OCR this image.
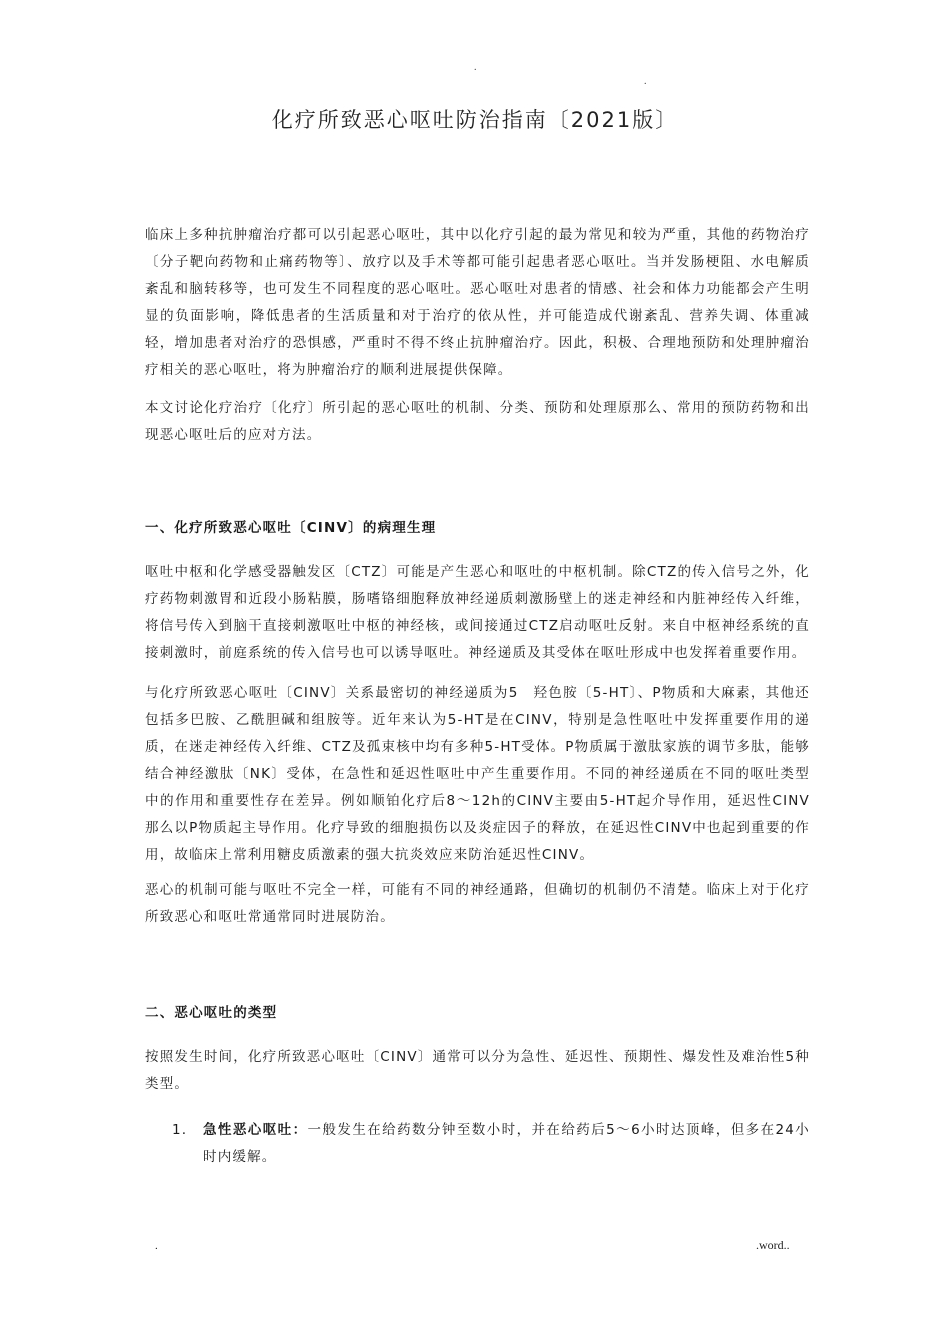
.
.
化疗所致恶心呕吐防治指南〔2021版〕

临床上多种抗肿瘤治疗都可以引起恶心呕吐，其中以化疗引起的最为常见和较为严重，其他的药物治疗〔分子靶向药物和止痛药物等〕、放疗以及手术等都可能引起患者恶心呕吐。当并发肠梗阻、水电解质紊乱和脑转移等，也可发生不同程度的恶心呕吐。恶心呕吐对患者的情感、社会和体力功能都会产生明显的负面影响，降低患者的生活质量和对于治疗的依从性，并可能造成代谢紊乱、营养失调、体重减轻，增加患者对治疗的恐惧感，严重时不得不终止抗肿瘤治疗。因此，积极、合理地预防和处理肿瘤治疗相关的恶心呕吐，将为肿瘤治疗的顺利进展提供保障。

本文讨论化疗治疗〔化疗〕所引起的恶心呕吐的机制、分类、预防和处理原那么、常用的预防药物和出现恶心呕吐后的应对方法。

一、化疗所致恶心呕吐〔CINV〕的病理生理

呕吐中枢和化学感受器触发区〔CTZ〕可能是产生恶心和呕吐的中枢机制。除CTZ的传入信号之外，化疗药物刺激胃和近段小肠粘膜，肠嗜铬细胞释放神经递质刺激肠壁上的迷走神经和内脏神经传入纤维，将信号传入到脑干直接刺激呕吐中枢的神经核，或间接通过CTZ启动呕吐反射。来自中枢神经系统的直接刺激时，前庭系统的传入信号也可以诱导呕吐。神经递质及其受体在呕吐形成中也发挥着重要作用。

与化疗所致恶心呕吐〔CINV〕关系最密切的神经递质为5　羟色胺〔5-HT〕、P物质和大麻素，其他还包括多巴胺、乙酰胆碱和组胺等。近年来认为5-HT是在CINV，特别是急性呕吐中发挥重要作用的递质，在迷走神经传入纤维、CTZ及孤束核中均有多种5-HT受体。P物质属于激肽家族的调节多肽，能够结合神经激肽〔NK〕受体，在急性和延迟性呕吐中产生重要作用。不同的神经递质在不同的呕吐类型中的作用和重要性存在差异。例如顺铂化疗后8～12h的CINV主要由5-HT起介导作用，延迟性CINV那么以P物质起主导作用。化疗导致的细胞损伤以及炎症因子的释放，在延迟性CINV中也起到重要的作用，故临床上常利用糖皮质激素的强大抗炎效应来防治延迟性CINV。

恶心的机制可能与呕吐不完全一样，可能有不同的神经通路，但确切的机制仍不清楚。临床上对于化疗所致恶心和呕吐常通常同时进展防治。

二、恶心呕吐的类型

按照发生时间，化疗所致恶心呕吐〔CINV〕通常可以分为急性、延迟性、预期性、爆发性及难治性5种类型。

1. 急性恶心呕吐：一般发生在给药数分钟至数小时，并在给药后5～6小时达顶峰，但多在24小时内缓解。
.	.word..
